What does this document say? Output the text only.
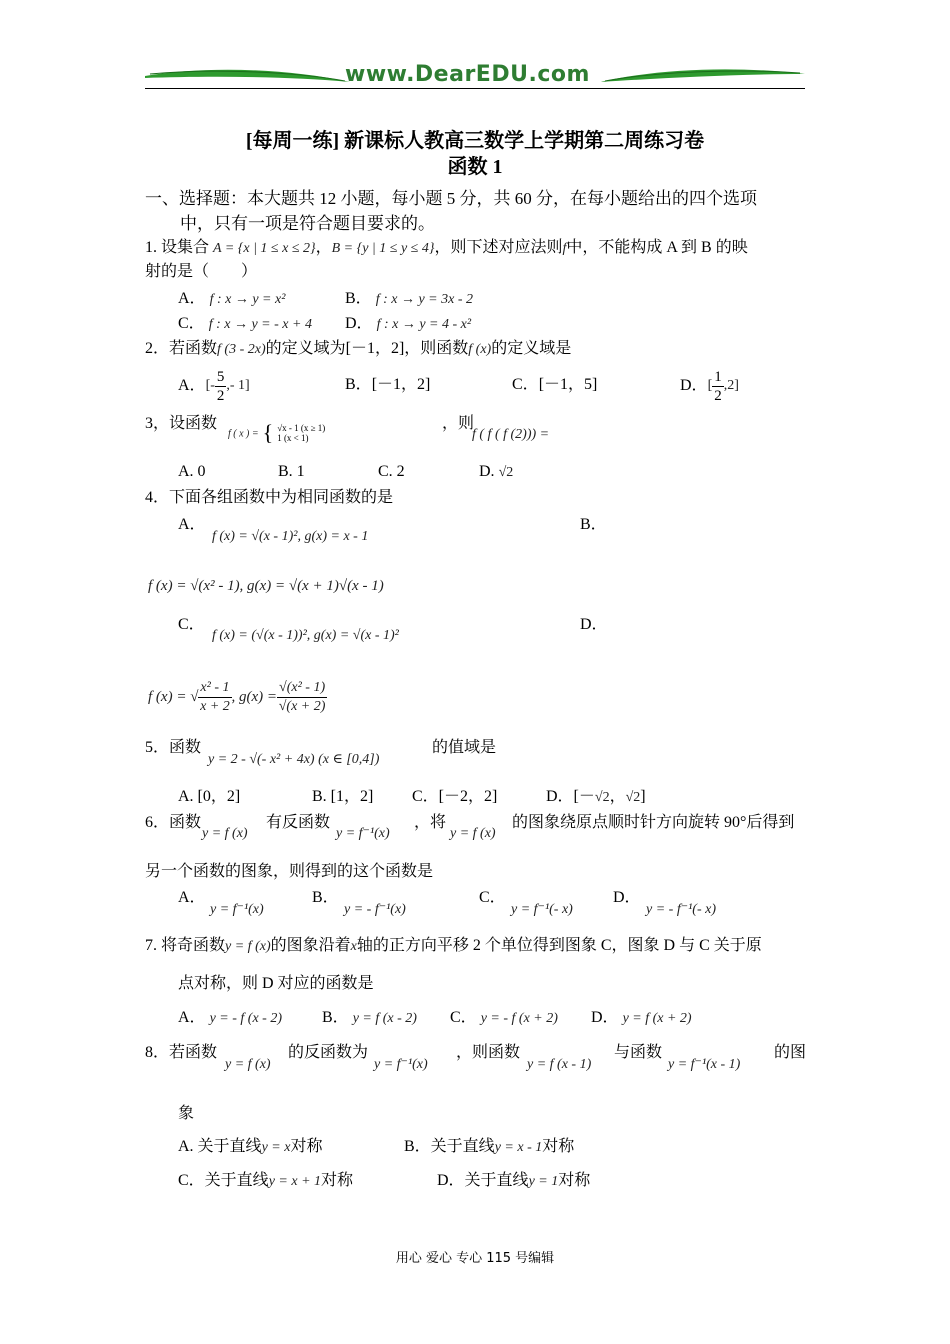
www.DearEDU.com
[每周一练] 新课标人教高三数学上学期第二周练习卷
函数 1
一、选择题：本大题共 12 小题，每小题 5 分，共 60 分，在每小题给出的四个选项
中，只有一项是符合题目要求的。
1. 设集合 A = {x | 1 ≤ x ≤ 2}，B = {y | 1 ≤ y ≤ 4}，则下述对应法则f中，不能构成 A 到 B 的映
射的是（　　）
A． f : x → y = x²	B． f : x → y = 3x - 2
C． f : x → y = - x + 4 D． f : x → y = 4 - x²
2．若函数f (3 - 2x)的定义域为[－1，2]，则函数f (x)的定义域是
A． [- $\frac{5}{2}$ ,- 1]	B．[－1，2]	C．[－1，5]	D． [ $\frac{1}{2} ,2$]
3，设函数
f ( x ) = { √x - 1 (x ≥ 1)
1 (x < 1)
，则
f ( f ( f (2))) =
A. 0	B. 1	C. 2	D. √2
4．下面各组函数中为相同函数的是
A．
f (x) = √(x - 1)², g(x) = x - 1
B．
f (x) = √(x² - 1), g(x) = √(x + 1)√(x - 1)
C．
f (x) = (√(x - 1))², g(x) = √(x - 1)²
D．
f (x) = √ $\frac{\text{x² - 1}}{x + 2}$ , $g(x) = \frac{\text{√(x² - 1)}}{√(x + 2)}$
5．函数
y = 2 - √(- x² + 4x) (x ∈ [0,4])
的值域是
A. [0，2]	B. [1，2] C．[－2，2]	D．[－√2，√2]
6．函数
y = f (x)
有反函数
y = f⁻¹(x)
，将
y = f (x)
的图象绕原点顺时针方向旋转 90°后得到
另一个函数的图象，则得到的这个函数是
A．
y = f⁻¹(x)
B．
y = - f⁻¹(x)
C．
y = f⁻¹(- x)
D．
y = - f⁻¹(- x)
7. 将奇函数y = f (x)的图象沿着x轴的正方向平移 2 个单位得到图象 C，图象 D 与 C 关于原
点对称，则 D 对应的函数是
A． y = - f (x - 2)	B． y = f (x - 2) C． y = - f (x + 2) D． y = f (x + 2)
8．若函数
y = f (x)
的反函数为
y = f⁻¹(x)
，则函数
y = f (x - 1)
与函数
y = f⁻¹(x - 1)
的图
象
A. 关于直线y = x对称	B．关于直线y = x - 1对称
C．关于直线y = x + 1对称	D．关于直线y = 1对称
用心 爱心 专心 115 号编辑
